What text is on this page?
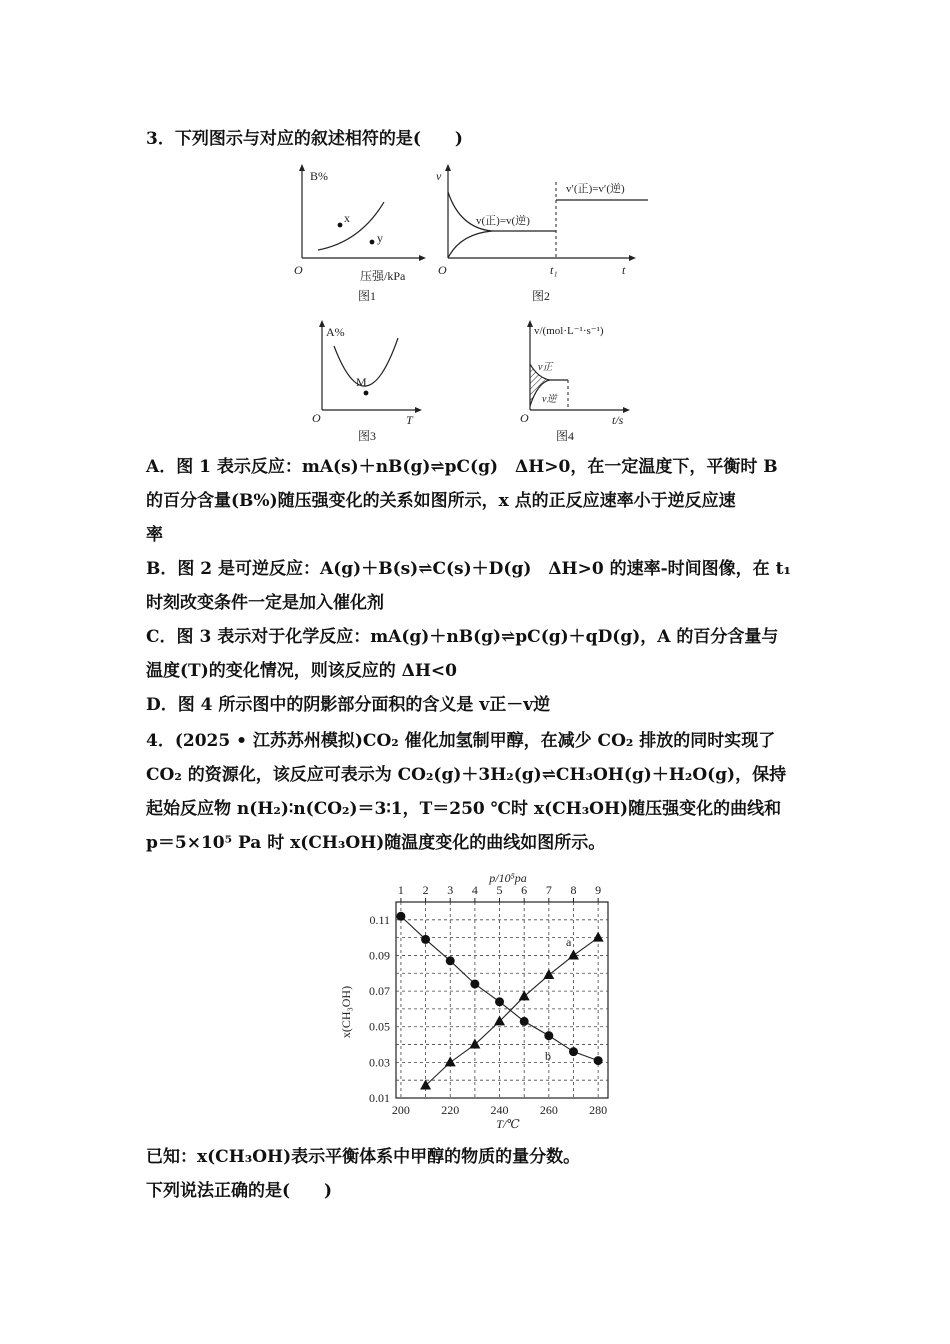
3．下列图示与对应的叙述相符的是(　　)
B%
x
y
O	压强/kPa
图1
v
v(正)=v(逆)
v′(正)=v′(逆)
O	t₁	t
图2
A%
M
O	T
图3
v/(mol·L⁻¹·s⁻¹)
v正
v逆
O	t/s
图4
A．图 1 表示反应：mA(s)＋nB(g)⇌pC(g)　ΔH>0，在一定温度下，平衡时 B
的百分含量(B%)随压强变化的关系如图所示，x 点的正反应速率小于逆反应速
率
B．图 2 是可逆反应：A(g)＋B(s)⇌C(s)＋D(g)　ΔH>0 的速率-时间图像，在 t₁
时刻改变条件一定是加入催化剂
C．图 3 表示对于化学反应：mA(g)＋nB(g)⇌pC(g)＋qD(g)，A 的百分含量与
温度(T)的变化情况，则该反应的 ΔH<0
D．图 4 所示图中的阴影部分面积的含义是 v正－v逆
4．(2025 • 江苏苏州模拟)CO₂ 催化加氢制甲醇，在减少 CO₂ 排放的同时实现了
CO₂ 的资源化，该反应可表示为 CO₂(g)＋3H₂(g)⇌CH₃OH(g)＋H₂O(g)，保持
起始反应物 n(H₂)∶n(CO₂)＝3∶1，T＝250 ℃时 x(CH₃OH)随压强变化的曲线和
p＝5×10⁵ Pa 时 x(CH₃OH)随温度变化的曲线如图所示。
0.01
0.03
0.05
0.07
0.09
0.11
200	220	240	260	280
1 2 3 4 5 6 7 8 9
p/10⁵pa
T/℃
x(CH₃OH)
a
b
已知：x(CH₃OH)表示平衡体系中甲醇的物质的量分数。
下列说法正确的是(　　)
